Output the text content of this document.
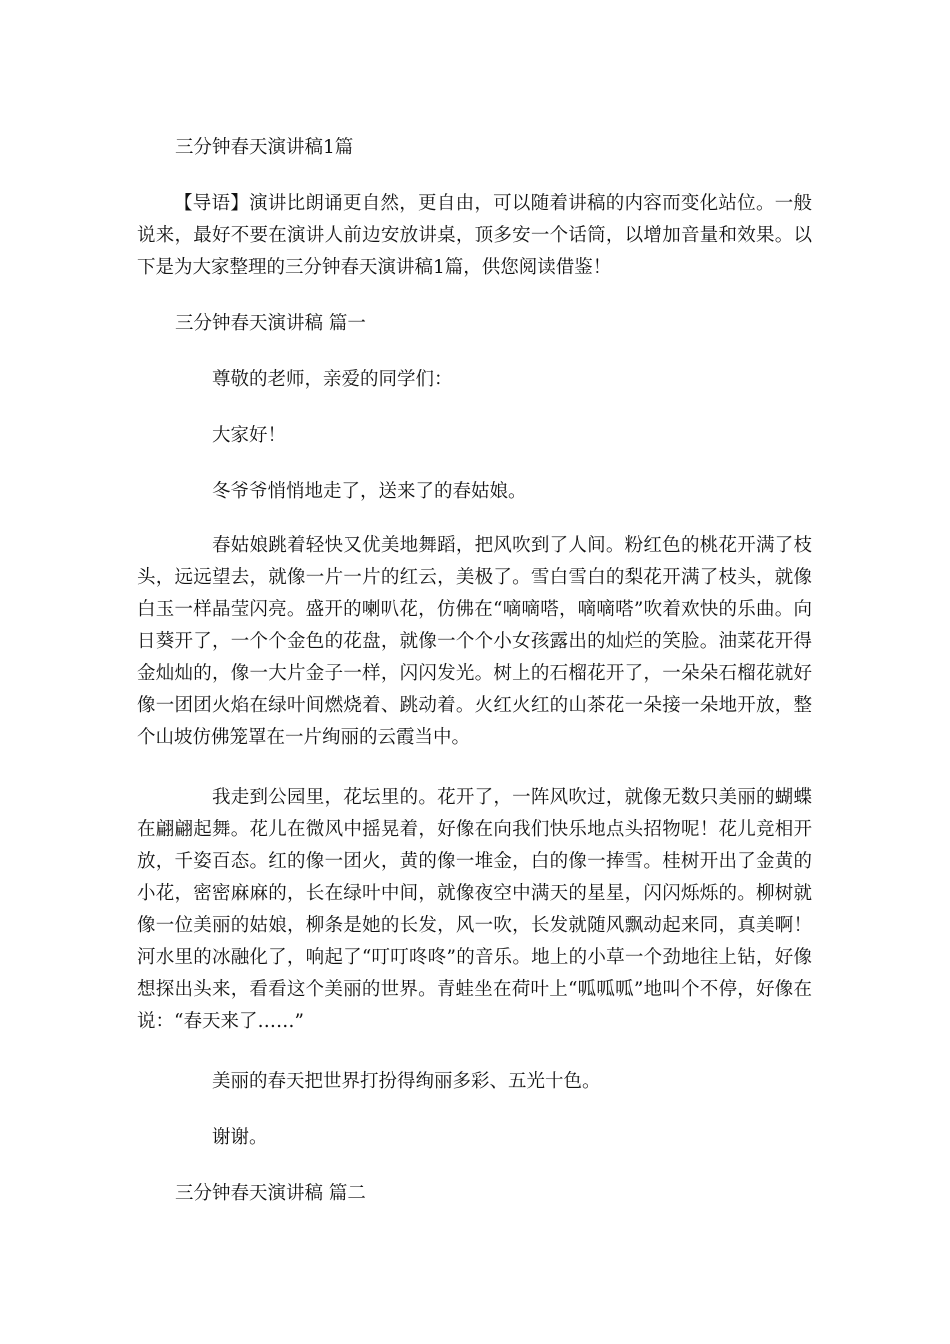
三分钟春天演讲稿1篇

【导语】演讲比朗诵更自然，更自由，可以随着讲稿的内容而变化站位。一般说来，最好不要在演讲人前边安放讲桌，顶多安一个话筒，以增加音量和效果。以下是为大家整理的三分钟春天演讲稿1篇，供您阅读借鉴！

三分钟春天演讲稿 篇一

尊敬的老师，亲爱的同学们：

大家好！

冬爷爷悄悄地走了，送来了的春姑娘。

春姑娘跳着轻快又优美地舞蹈，把风吹到了人间。粉红色的桃花开满了枝头，远远望去，就像一片一片的红云，美极了。雪白雪白的梨花开满了枝头，就像白玉一样晶莹闪亮。盛开的喇叭花，仿佛在“嘀嘀嗒，嘀嘀嗒”吹着欢快的乐曲。向日葵开了，一个个金色的花盘，就像一个个小女孩露出的灿烂的笑脸。油菜花开得金灿灿的，像一大片金子一样，闪闪发光。树上的石榴花开了，一朵朵石榴花就好像一团团火焰在绿叶间燃烧着、跳动着。火红火红的山茶花一朵接一朵地开放，整个山坡仿佛笼罩在一片绚丽的云霞当中。

我走到公园里，花坛里的。花开了，一阵风吹过，就像无数只美丽的蝴蝶在翩翩起舞。花儿在微风中摇晃着，好像在向我们快乐地点头招物呢！花儿竞相开放，千姿百态。红的像一团火，黄的像一堆金，白的像一捧雪。桂树开出了金黄的小花，密密麻麻的，长在绿叶中间，就像夜空中满天的星星，闪闪烁烁的。柳树就像一位美丽的姑娘，柳条是她的长发，风一吹，长发就随风飘动起来同，真美啊！河水里的冰融化了，响起了“叮叮咚咚”的音乐。地上的小草一个劲地往上钻，好像想探出头来，看看这个美丽的世界。青蛙坐在荷叶上“呱呱呱”地叫个不停，好像在说：“春天来了……”

美丽的春天把世界打扮得绚丽多彩、五光十色。

谢谢。

三分钟春天演讲稿 篇二
